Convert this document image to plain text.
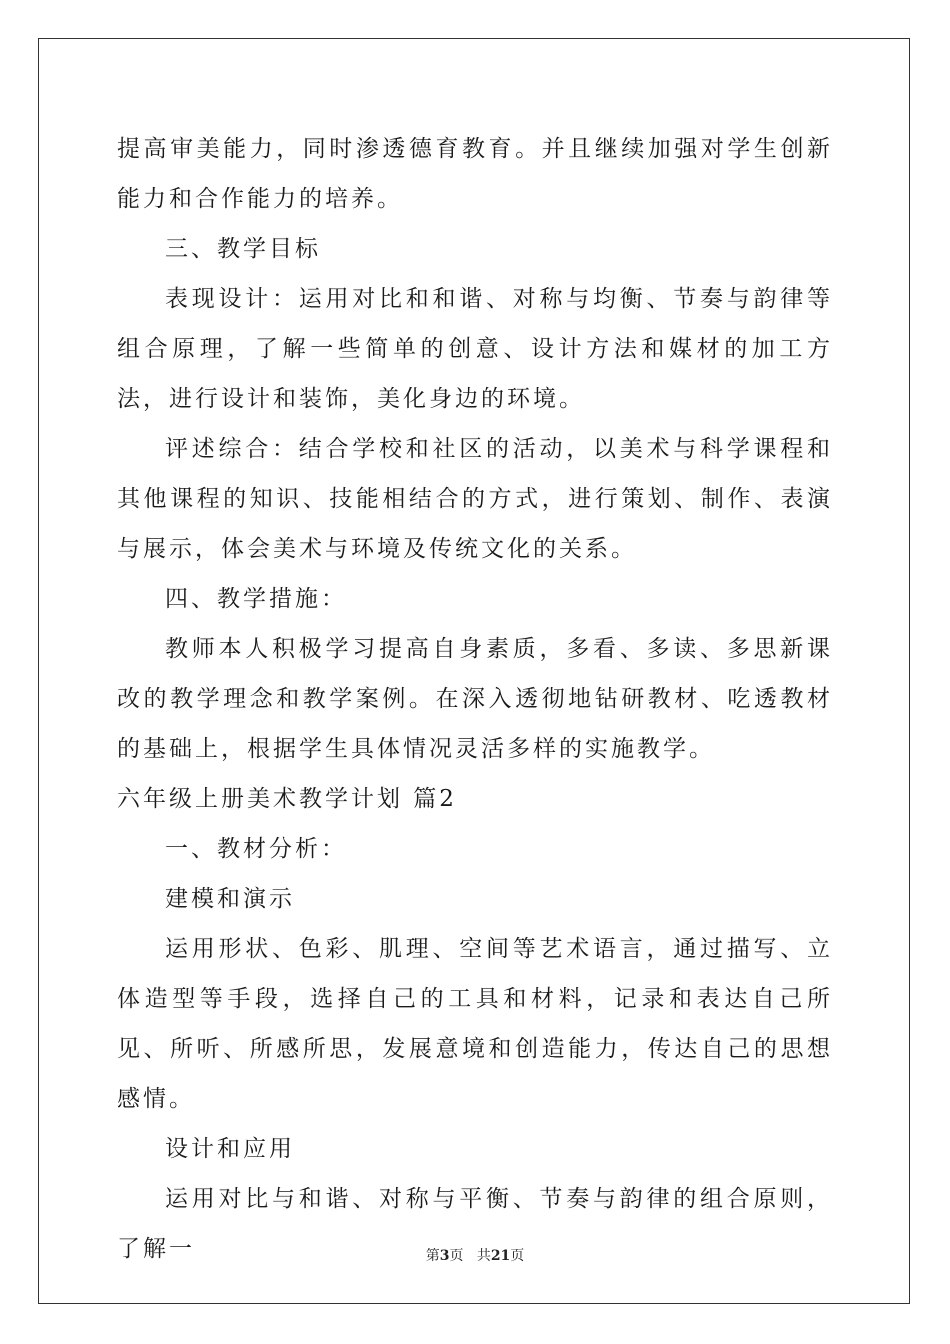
提高审美能力，同时渗透德育教育。并且继续加强对学生创新能力和合作能力的培养。

三、教学目标

表现设计：运用对比和和谐、对称与均衡、节奏与韵律等组合原理，了解一些简单的创意、设计方法和媒材的加工方法，进行设计和装饰，美化身边的环境。

评述综合：结合学校和社区的活动，以美术与科学课程和其他课程的知识、技能相结合的方式，进行策划、制作、表演与展示，体会美术与环境及传统文化的关系。

四、教学措施：

教师本人积极学习提高自身素质，多看、多读、多思新课改的教学理念和教学案例。在深入透彻地钻研教材、吃透教材的基础上，根据学生具体情况灵活多样的实施教学。

六年级上册美术教学计划 篇2

一、教材分析：

建模和演示

运用形状、色彩、肌理、空间等艺术语言，通过描写、立体造型等手段，选择自己的工具和材料，记录和表达自己所见、所听、所感所思，发展意境和创造能力，传达自己的思想感情。

设计和应用

运用对比与和谐、对称与平衡、节奏与韵律的组合原则，了解一	第3页 共21页
